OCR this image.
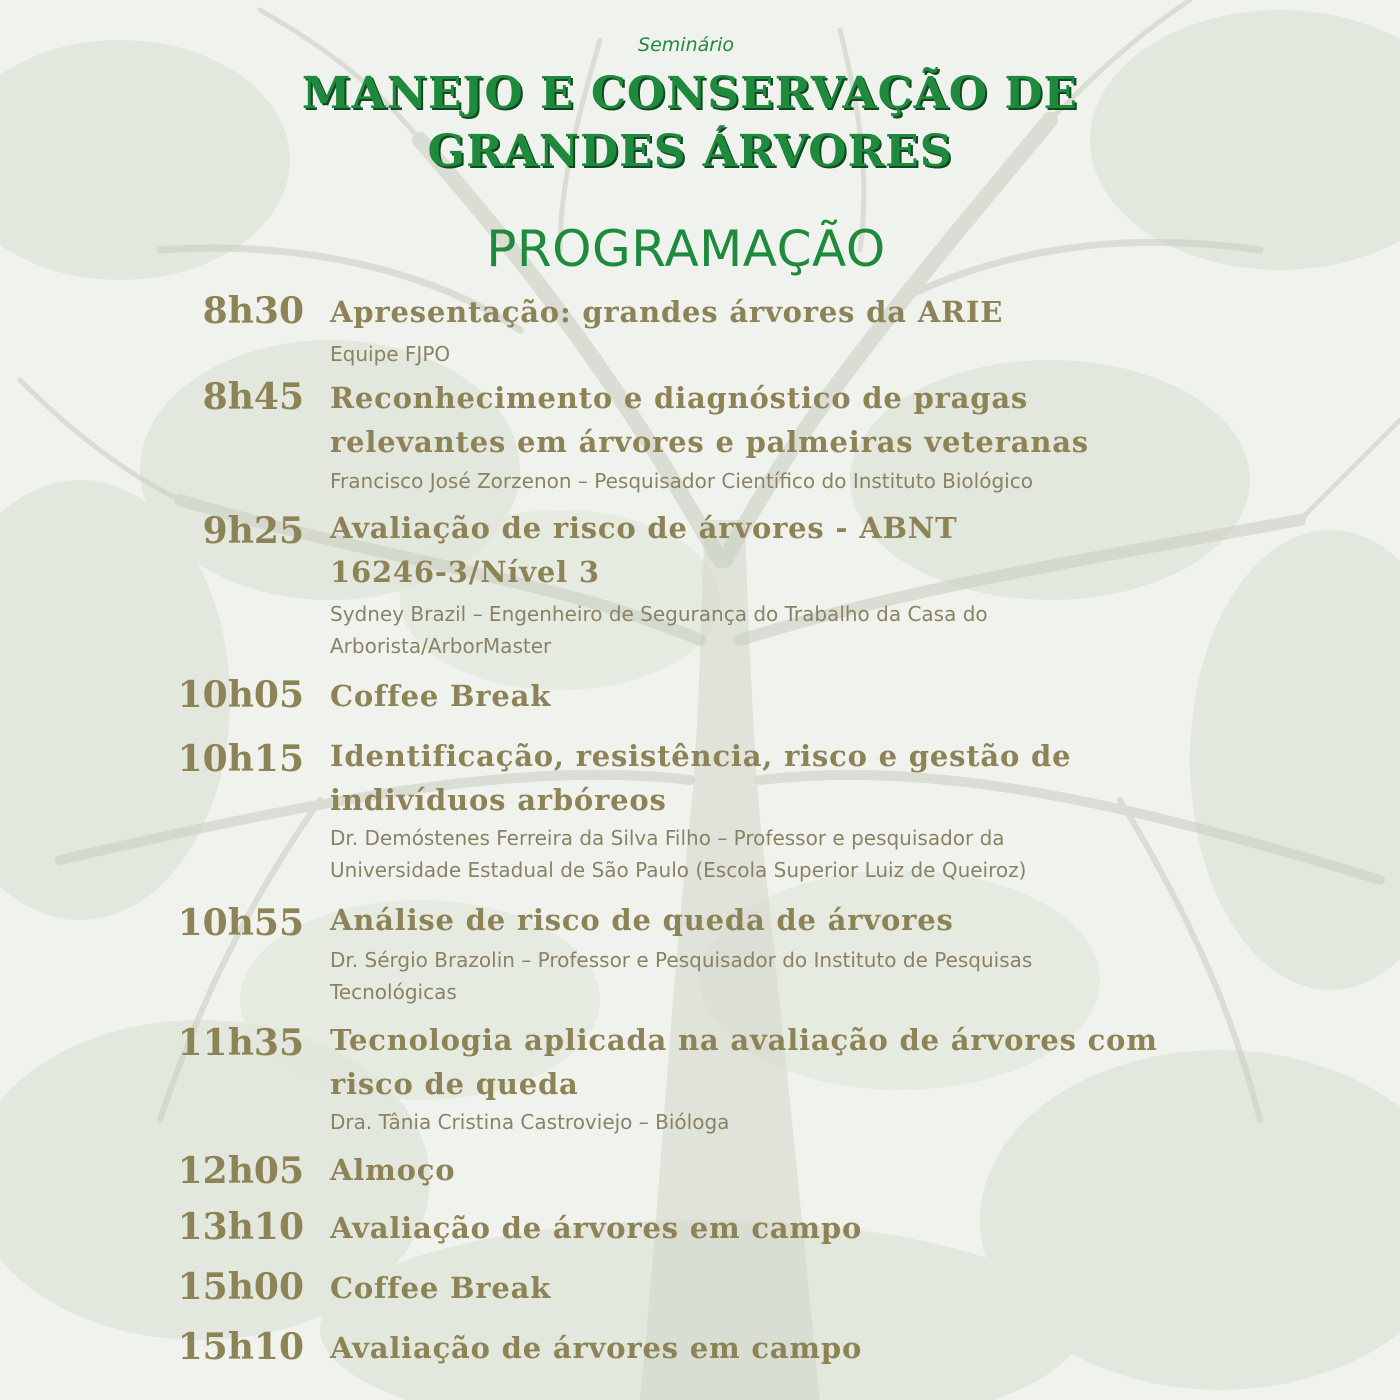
Seminário
MANEJO E CONSERVAÇÃO DE
GRANDES ÁRVORES
PROGRAMAÇÃO
8h30 Apresentação: grandes árvores da ARIE
Equipe FJPO
8h45 Reconhecimento e diagnóstico de pragas relevantes em árvores e palmeiras veteranas
Francisco José Zorzenon – Pesquisador Científico do Instituto Biológico
9h25 Avaliação de risco de árvores - ABNT 16246-3/Nível 3
Sydney Brazil – Engenheiro de Segurança do Trabalho da Casa do Arborista/ArborMaster
10h05 Coffee Break
10h15 Identificação, resistência, risco e gestão de indivíduos arbóreos
Dr. Demóstenes Ferreira da Silva Filho – Professor e pesquisador da Universidade Estadual de São Paulo (Escola Superior Luiz de Queiroz)
10h55 Análise de risco de queda de árvores
Dr. Sérgio Brazolin – Professor e Pesquisador do Instituto de Pesquisas Tecnológicas
11h35 Tecnologia aplicada na avaliação de árvores com risco de queda
Dra. Tânia Cristina Castroviejo – Bióloga
12h05 Almoço
13h10 Avaliação de árvores em campo
15h00 Coffee Break
15h10 Avaliação de árvores em campo
